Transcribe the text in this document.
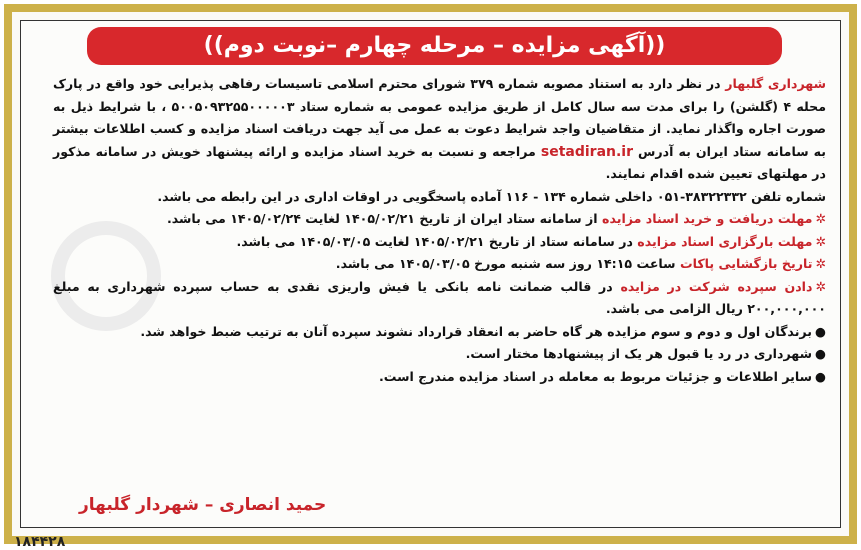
((آگهی مزایده – مرحله چهارم –نوبت دوم))

شهرداری گلبهار در نظر دارد به استناد مصوبه شماره ۳۷۹ شورای محترم اسلامی تاسیسات رفاهی پذیرایی خود واقع در پارک محله ۴ (گلشن) را برای مدت سه سال کامل از طریق مزایده عمومی به شماره ستاد ۵۰۰۵۰۹۳۲۵۵۰۰۰۰۰۳ ، با شرایط ذیل به صورت اجاره واگذار نماید. از متقاضیان واجد شرایط دعوت به عمل می آید جهت دریافت اسناد مزایده و کسب اطلاعات بیشتر به سامانه ستاد ایران به آدرس setadiran.ir مراجعه و نسبت به خرید اسناد مزایده و ارائه پیشنهاد خویش در سامانه مذکور در مهلتهای تعیین شده اقدام نمایند.

شماره تلفن ۳۸۳۲۲۳۳۲-۰۵۱ داخلی شماره ۱۳۴ - ۱۱۶ آماده پاسخگویی در اوقات اداری در این رابطه می باشد.

✲مهلت دریافت و خرید اسناد مزایده از سامانه ستاد ایران از تاریخ ۱۴۰۵/۰۲/۲۱ لغایت ۱۴۰۵/۰۲/۲۴ می باشد.
✲مهلت بارگزاری اسناد مزایده در سامانه ستاد از تاریخ ۱۴۰۵/۰۲/۲۱ لغایت ۱۴۰۵/۰۳/۰۵ می باشد.
✲تاریخ بازگشایی پاکات ساعت ۱۴:۱۵ روز سه شنبه مورخ ۱۴۰۵/۰۳/۰۵ می باشد.
✲دادن سپرده شرکت در مزایده در قالب ضمانت نامه بانکی یا فیش واریزی نقدی به حساب سپرده شهرداری به مبلغ ۲۰۰,۰۰۰,۰۰۰ ریال الزامی می باشد.
●برندگان اول و دوم و سوم مزایده هر گاه حاضر به انعقاد قرارداد نشوند سپرده آنان به ترتیب ضبط خواهد شد.
●شهرداری در رد یا قبول هر یک از پیشنهادها مختار است.
●سایر اطلاعات و جزئیات مربوط به معامله در اسناد مزایده مندرج است.
حمید انصاری – شهردار گلبهار
۱۸۴۴۲۸
